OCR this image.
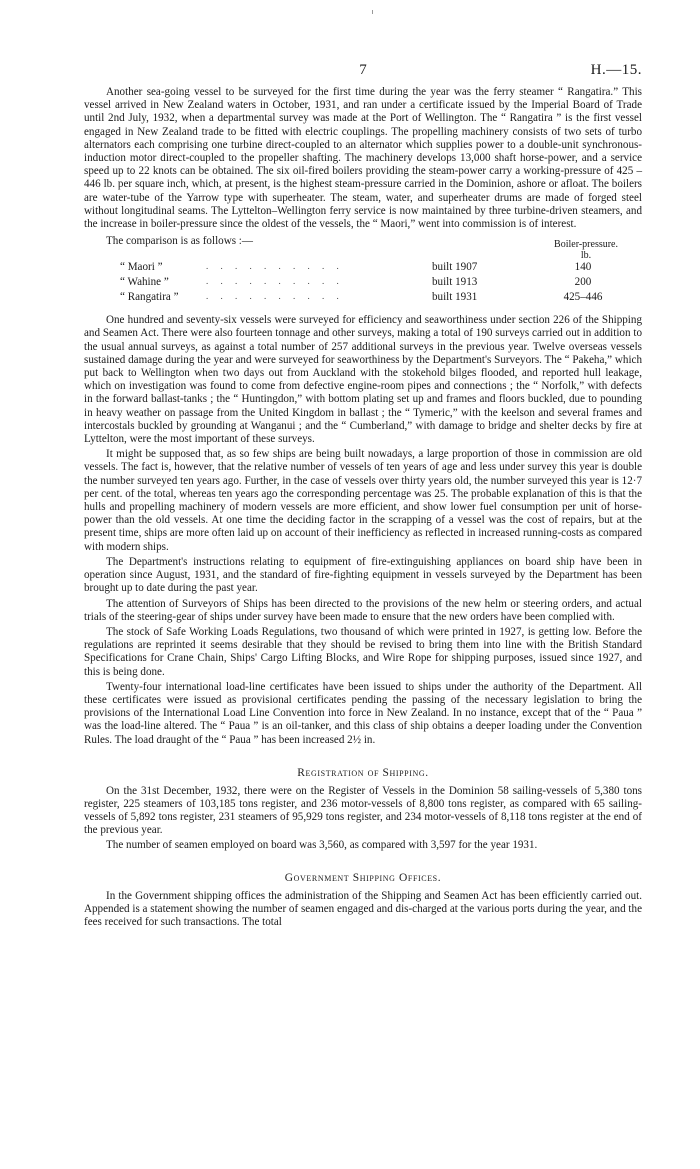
7	H.—15.

Another sea-going vessel to be surveyed for the first time during the year was the ferry steamer “ Rangatira.” This vessel arrived in New Zealand waters in October, 1931, and ran under a certificate issued by the Imperial Board of Trade until 2nd July, 1932, when a departmental survey was made at the Port of Wellington. The “ Rangatira ” is the first vessel engaged in New Zealand trade to be fitted with electric couplings. The propelling machinery consists of two sets of turbo alternators each comprising one turbine direct-coupled to an alternator which supplies power to a double-unit synchronous-induction motor direct-coupled to the propeller shafting. The machinery develops 13,000 shaft horse-power, and a service speed up to 22 knots can be obtained. The six oil-fired boilers providing the steam-power carry a working-pressure of 425 – 446 lb. per square inch, which, at present, is the highest steam-pressure carried in the Dominion, ashore or afloat. The boilers are water-tube of the Yarrow type with superheater. The steam, water, and superheater drums are made of forged steel without longitudinal seams. The Lyttelton–Wellington ferry service is now maintained by three turbine-driven steamers, and the increase in boiler-pressure since the oldest of the vessels, the “ Maori,” went into commission is of interest.

The comparison is as follows :—	Boiler-pressure.
lb.
“ Maori ”	. . . . . . . . . .	built 1907	140
“ Wahine ”	. . . . . . . . . .	built 1913	200
“ Rangatira ”	. . . . . . . . . .	built 1931	425–446

One hundred and seventy-six vessels were surveyed for efficiency and seaworthiness under section 226 of the Shipping and Seamen Act. There were also fourteen tonnage and other surveys, making a total of 190 surveys carried out in addition to the usual annual surveys, as against a total number of 257 additional surveys in the previous year. Twelve overseas vessels sustained damage during the year and were surveyed for seaworthiness by the Department's Surveyors. The “ Pakeha,” which put back to Wellington when two days out from Auckland with the stokehold bilges flooded, and reported hull leakage, which on investigation was found to come from defective engine-room pipes and connections ; the “ Norfolk,” with defects in the forward ballast-tanks ; the “ Huntingdon,” with bottom plating set up and frames and floors buckled, due to pounding in heavy weather on passage from the United Kingdom in ballast ; the “ Tymeric,” with the keelson and several frames and intercostals buckled by grounding at Wanganui ; and the “ Cumberland,” with damage to bridge and shelter decks by fire at Lyttelton, were the most important of these surveys.

It might be supposed that, as so few ships are being built nowadays, a large proportion of those in commission are old vessels. The fact is, however, that the relative number of vessels of ten years of age and less under survey this year is double the number surveyed ten years ago. Further, in the case of vessels over thirty years old, the number surveyed this year is 12·7 per cent. of the total, whereas ten years ago the corresponding percentage was 25. The probable explanation of this is that the hulls and propelling machinery of modern vessels are more efficient, and show lower fuel consumption per unit of horse-power than the old vessels. At one time the deciding factor in the scrapping of a vessel was the cost of repairs, but at the present time, ships are more often laid up on account of their inefficiency as reflected in increased running-costs as compared with modern ships.

The Department's instructions relating to equipment of fire-extinguishing appliances on board ship have been in operation since August, 1931, and the standard of fire-fighting equipment in vessels surveyed by the Department has been brought up to date during the past year.

The attention of Surveyors of Ships has been directed to the provisions of the new helm or steering orders, and actual trials of the steering-gear of ships under survey have been made to ensure that the new orders have been complied with.

The stock of Safe Working Loads Regulations, two thousand of which were printed in 1927, is getting low. Before the regulations are reprinted it seems desirable that they should be revised to bring them into line with the British Standard Specifications for Crane Chain, Ships' Cargo Lifting Blocks, and Wire Rope for shipping purposes, issued since 1927, and this is being done.

Twenty-four international load-line certificates have been issued to ships under the authority of the Department. All these certificates were issued as provisional certificates pending the passing of the necessary legislation to bring the provisions of the International Load Line Convention into force in New Zealand. In no instance, except that of the “ Paua ” was the load-line altered. The “ Paua ” is an oil-tanker, and this class of ship obtains a deeper loading under the Convention Rules. The load draught of the “ Paua ” has been increased 2½ in.

Registration of Shipping.

On the 31st December, 1932, there were on the Register of Vessels in the Dominion 58 sailing-vessels of 5,380 tons register, 225 steamers of 103,185 tons register, and 236 motor-vessels of 8,800 tons register, as compared with 65 sailing-vessels of 5,892 tons register, 231 steamers of 95,929 tons register, and 234 motor-vessels of 8,118 tons register at the end of the previous year.

The number of seamen employed on board was 3,560, as compared with 3,597 for the year 1931.

Government Shipping Offices.

In the Government shipping offices the administration of the Shipping and Seamen Act has been efficiently carried out. Appended is a statement showing the number of seamen engaged and dis-charged at the various ports during the year, and the fees received for such transactions. The total
